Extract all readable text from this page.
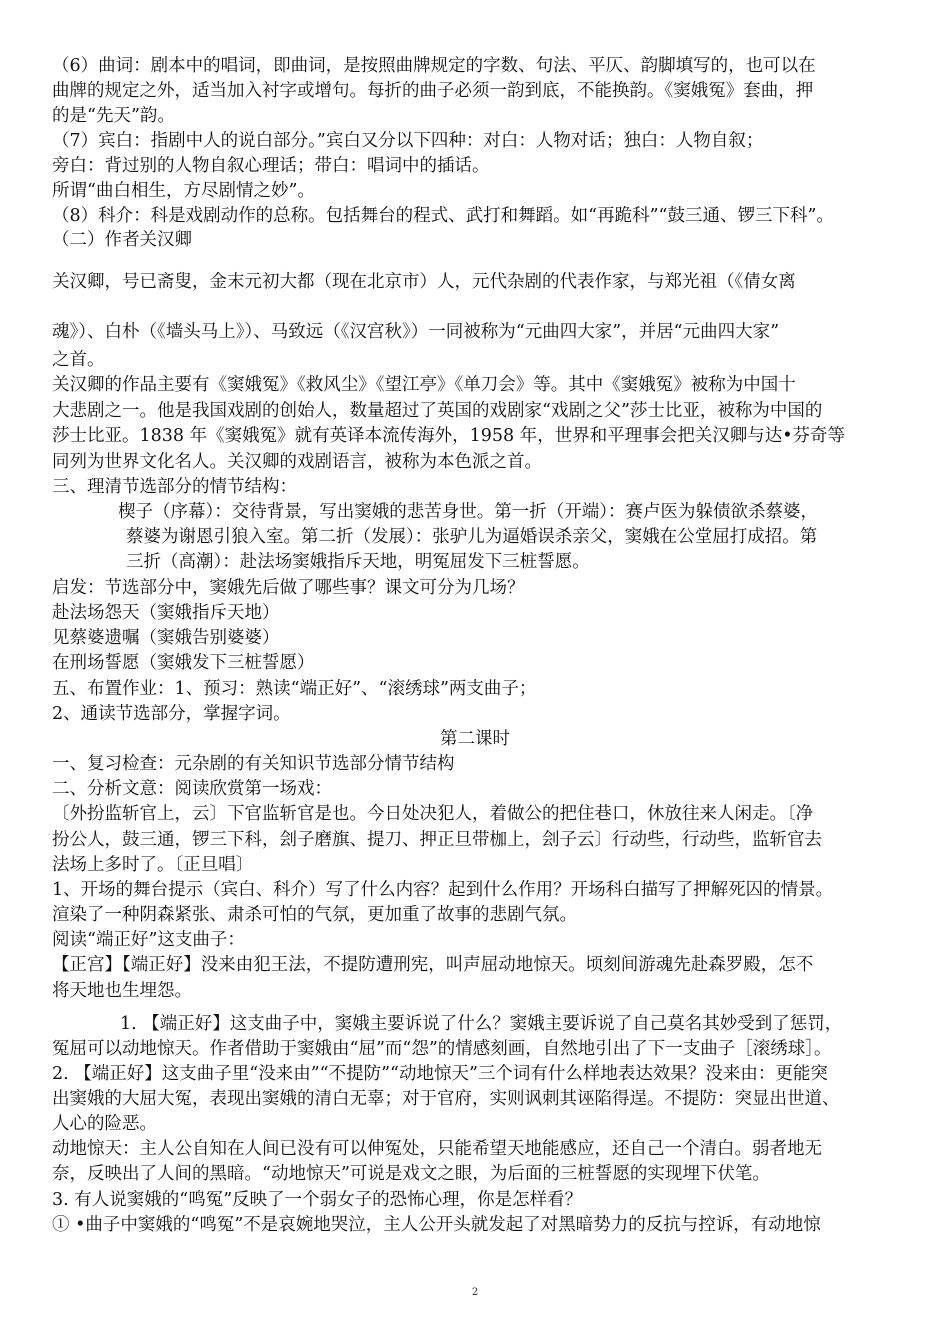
（6）曲词：剧本中的唱词，即曲词，是按照曲牌规定的字数、句法、平仄、韵脚填写的，也可以在
曲牌的规定之外，适当加入衬字或增句。每折的曲子必须一韵到底，不能换韵。《窦娥冤》套曲，押
的是“先天”韵。
（7）宾白：指剧中人的说白部分。”宾白又分以下四种：对白：人物对话；独白：人物自叙；
旁白：背过别的人物自叙心理话；带白：唱词中的插话。
所谓“曲白相生，方尽剧情之妙”。
（8）科介：科是戏剧动作的总称。包括舞台的程式、武打和舞蹈。如“再跪科”“鼓三通、锣三下科”。
（二）作者关汉卿
关汉卿，号已斋叟，金末元初大都（现在北京市）人，元代杂剧的代表作家，与郑光祖（《倩女离
魂》）、白朴（《墙头马上》）、马致远（《汉宫秋》）一同被称为“元曲四大家”，并居“元曲四大家”
之首。
关汉卿的作品主要有《窦娥冤》《救风尘》《望江亭》《单刀会》等。其中《窦娥冤》被称为中国十
大悲剧之一。他是我国戏剧的创始人，数量超过了英国的戏剧家“戏剧之父”莎士比亚，被称为中国的
莎士比亚。1838 年《窦娥冤》就有英译本流传海外，1958 年，世界和平理事会把关汉卿与达•芬奇等
同列为世界文化名人。关汉卿的戏剧语言，被称为本色派之首。
三、理清节选部分的情节结构：
楔子（序幕）：交待背景，写出窦娥的悲苦身世。第一折（开端）：赛卢医为躲债欲杀蔡婆，
蔡婆为谢恩引狼入室。第二折（发展）：张驴儿为逼婚误杀亲父，窦娥在公堂屈打成招。第
三折（高潮）：赴法场窦娥指斥天地，明冤屈发下三桩誓愿。
启发：节选部分中，窦娥先后做了哪些事？课文可分为几场？
赴法场怨天（窦娥指斥天地）
见蔡婆遗嘱（窦娥告别婆婆）
在刑场誓愿（窦娥发下三桩誓愿）
五、布置作业：1、预习：熟读“端正好”、“滚绣球”两支曲子；
2、通读节选部分，掌握字词。
第二课时
一、复习检查：元杂剧的有关知识节选部分情节结构
二、分析文意：阅读欣赏第一场戏：
〔外扮监斩官上，云〕下官监斩官是也。今日处决犯人，着做公的把住巷口，休放往来人闲走。〔净
扮公人，鼓三通，锣三下科，刽子磨旗、提刀、押正旦带枷上，刽子云〕行动些，行动些，监斩官去
法场上多时了。〔正旦唱〕
1、开场的舞台提示（宾白、科介）写了什么内容？起到什么作用？开场科白描写了押解死囚的情景。
渲染了一种阴森紧张、肃杀可怕的气氛，更加重了故事的悲剧气氛。
阅读“端正好”这支曲子：
【正宫】【端正好】没来由犯王法，不提防遭刑宪，叫声屈动地惊天。顷刻间游魂先赴森罗殿，怎不
将天地也生埋怨。
1. 【端正好】这支曲子中，窦娥主要诉说了什么？窦娥主要诉说了自己莫名其妙受到了惩罚，
冤屈可以动地惊天。作者借助于窦娥由“屈”而“怨”的情感刻画，自然地引出了下一支曲子［滚绣球］。
2. 【端正好】这支曲子里“没来由”“不提防”“动地惊天”三个词有什么样地表达效果？没来由：更能突
出窦娥的大屈大冤，表现出窦娥的清白无辜；对于官府，实则讽刺其诬陷得逞。不提防：突显出世道、
人心的险恶。
动地惊天：主人公自知在人间已没有可以伸冤处，只能希望天地能感应，还自己一个清白。弱者地无
奈，反映出了人间的黑暗。“动地惊天”可说是戏文之眼，为后面的三桩誓愿的实现埋下伏笔。
3. 有人说窦娥的“鸣冤”反映了一个弱女子的恐怖心理，你是怎样看？
① •曲子中窦娥的“鸣冤”不是哀婉地哭泣，主人公开头就发起了对黑暗势力的反抗与控诉，有动地惊
2
